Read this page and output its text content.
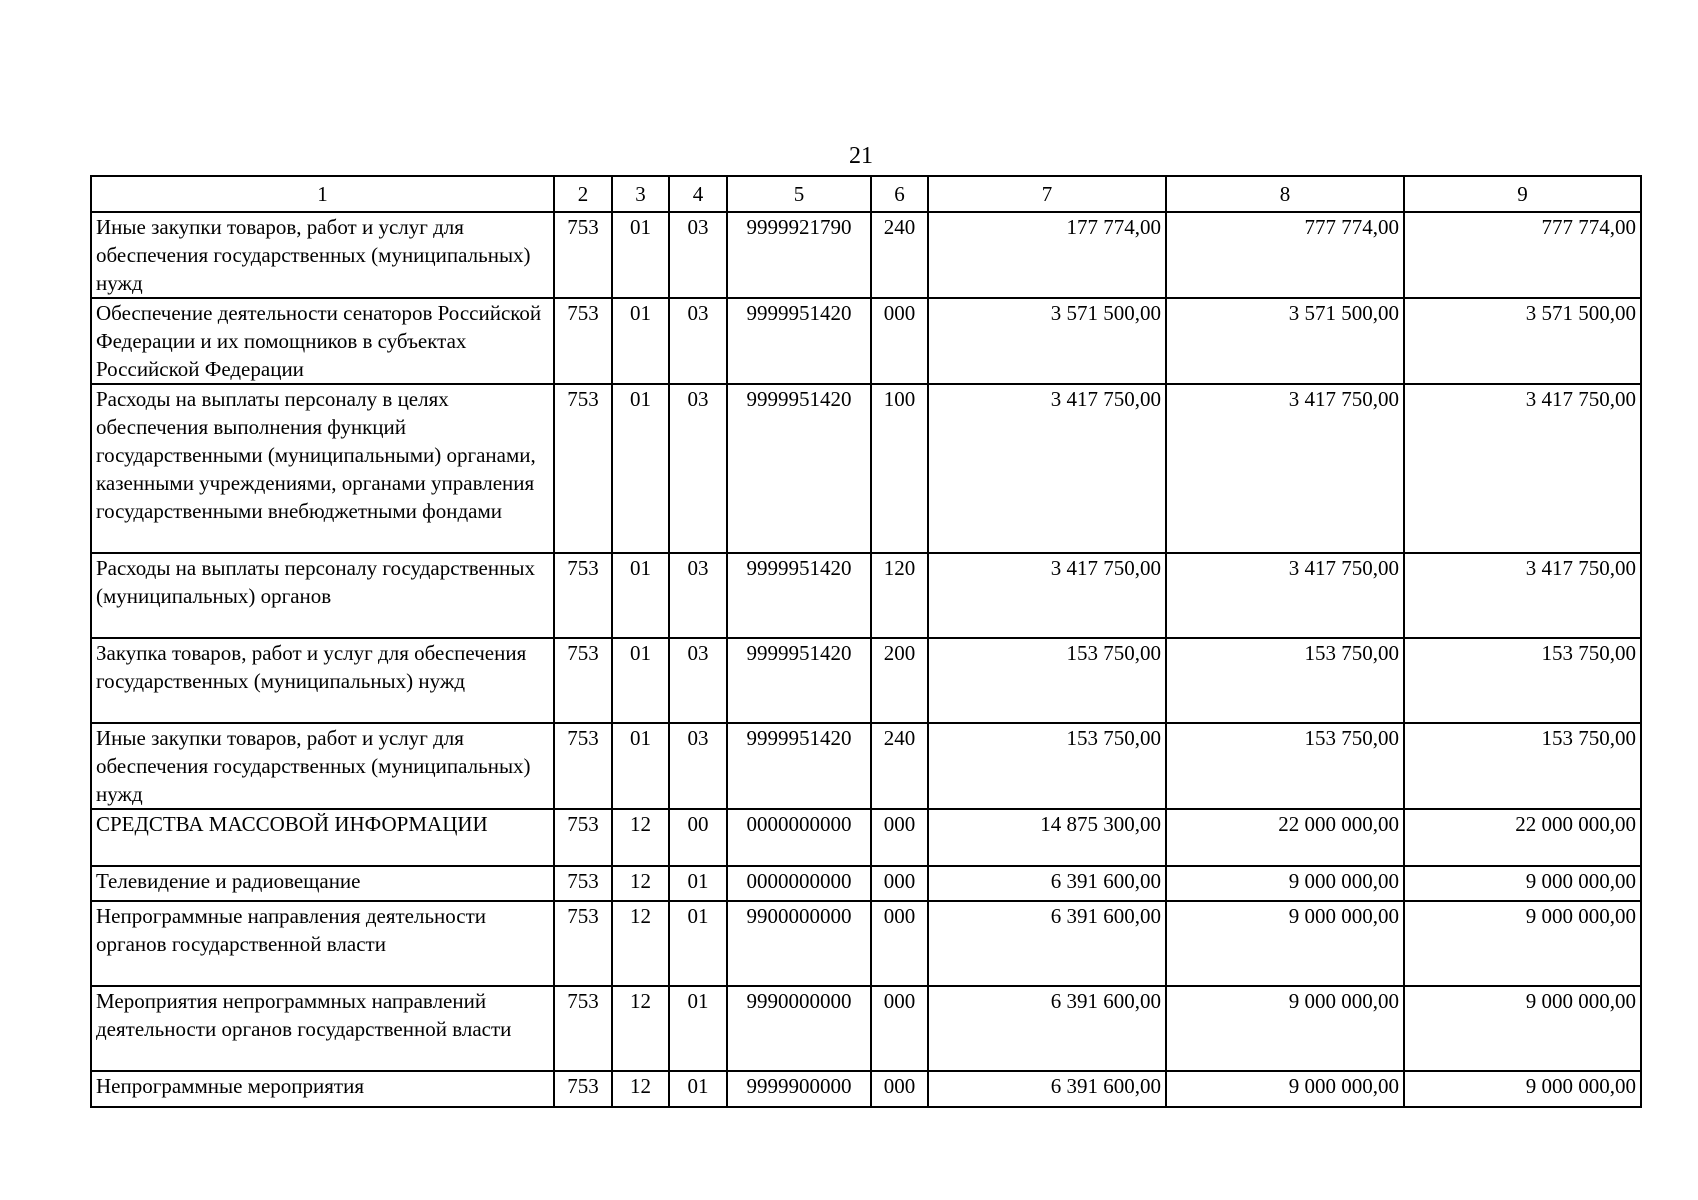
21
1	2	3	4	5	6	7	8	9
Иные закупки товаров, работ и услуг для обеспечения государственных (муниципальных) нужд	753	01	03	9999921790	240	177 774,00	777 774,00	777 774,00
Обеспечение деятельности сенаторов Российской Федерации и их помощников в субъектах Российской Федерации	753	01	03	9999951420	000	3 571 500,00	3 571 500,00	3 571 500,00
Расходы на выплаты персоналу в целях обеспечения выполнения функций государственными (муниципальными) органами, казенными учреждениями, органами управления государственными внебюджетными фондами	753	01	03	9999951420	100	3 417 750,00	3 417 750,00	3 417 750,00
Расходы на выплаты персоналу государственных (муниципальных) органов	753	01	03	9999951420	120	3 417 750,00	3 417 750,00	3 417 750,00
Закупка товаров, работ и услуг для обеспечения государственных (муниципальных) нужд	753	01	03	9999951420	200	153 750,00	153 750,00	153 750,00
Иные закупки товаров, работ и услуг для обеспечения государственных (муниципальных) нужд	753	01	03	9999951420	240	153 750,00	153 750,00	153 750,00
СРЕДСТВА МАССОВОЙ ИНФОРМАЦИИ	753	12	00	0000000000	000	14 875 300,00	22 000 000,00	22 000 000,00
Телевидение и радиовещание	753	12	01	0000000000	000	6 391 600,00	9 000 000,00	9 000 000,00
Непрограммные направления деятельности органов государственной власти	753	12	01	9900000000	000	6 391 600,00	9 000 000,00	9 000 000,00
Мероприятия непрограммных направлений деятельности органов государственной власти	753	12	01	9990000000	000	6 391 600,00	9 000 000,00	9 000 000,00
Непрограммные мероприятия	753	12	01	9999900000	000	6 391 600,00	9 000 000,00	9 000 000,00
